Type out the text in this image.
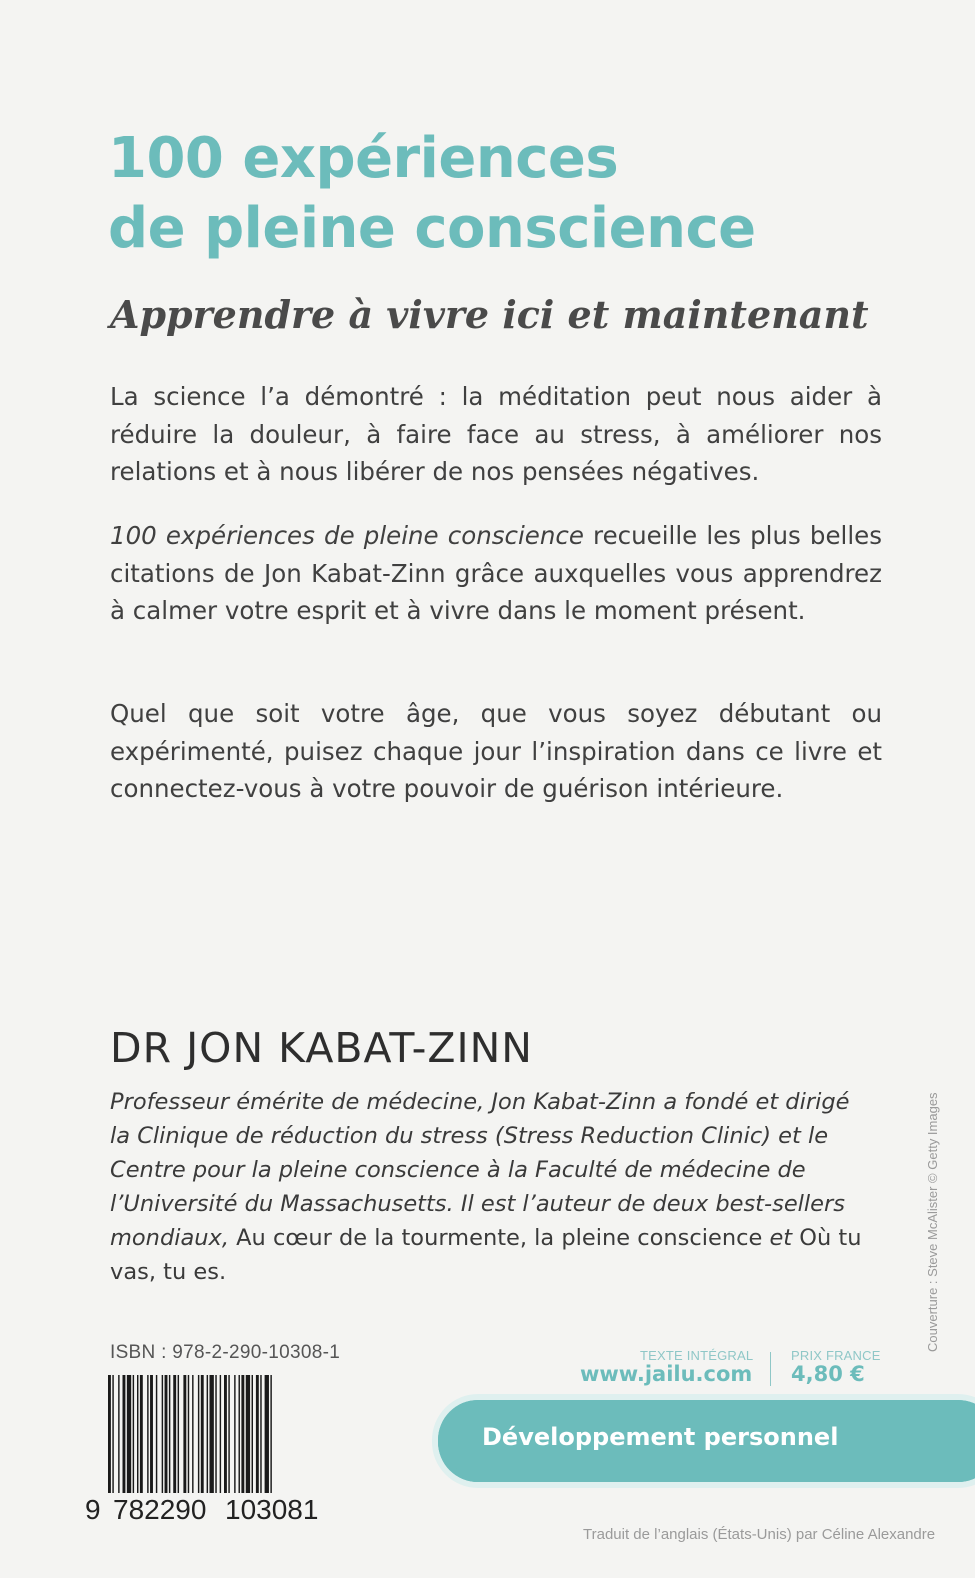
100 expériences
de pleine conscience
Apprendre à vivre ici et maintenant

La science l’a démontré : la méditation peut nous aider à réduire la douleur, à faire face au stress, à améliorer nos relations et à nous libérer de nos pensées négatives.

100 expériences de pleine conscience recueille les plus belles citations de Jon Kabat-Zinn grâce auxquelles vous apprendrez à calmer votre esprit et à vivre dans le moment présent.

Quel que soit votre âge, que vous soyez débutant ou expérimenté, puisez chaque jour l’inspiration dans ce livre et connectez-vous à votre pouvoir de guérison intérieure.

DR JON KABAT-ZINN

Professeur émérite de médecine, Jon Kabat-Zinn a fondé et dirigé la Clinique de réduction du stress (Stress Reduction Clinic) et le Centre pour la pleine conscience à la Faculté de médecine de l’Université du Massachusetts. Il est l’auteur de deux best-sellers mondiaux, Au cœur de la tourmente, la pleine conscience et Où tu vas, tu es.	Couverture : Steve McAlister © Getty Images
ISBN : 978-2-290-10308-1
9 782290 103081
TEXTE INTÉGRAL
www.jailu.com
PRIX FRANCE
4,80 €
Développement personnel
Traduit de l’anglais (États-Unis) par Céline Alexandre
